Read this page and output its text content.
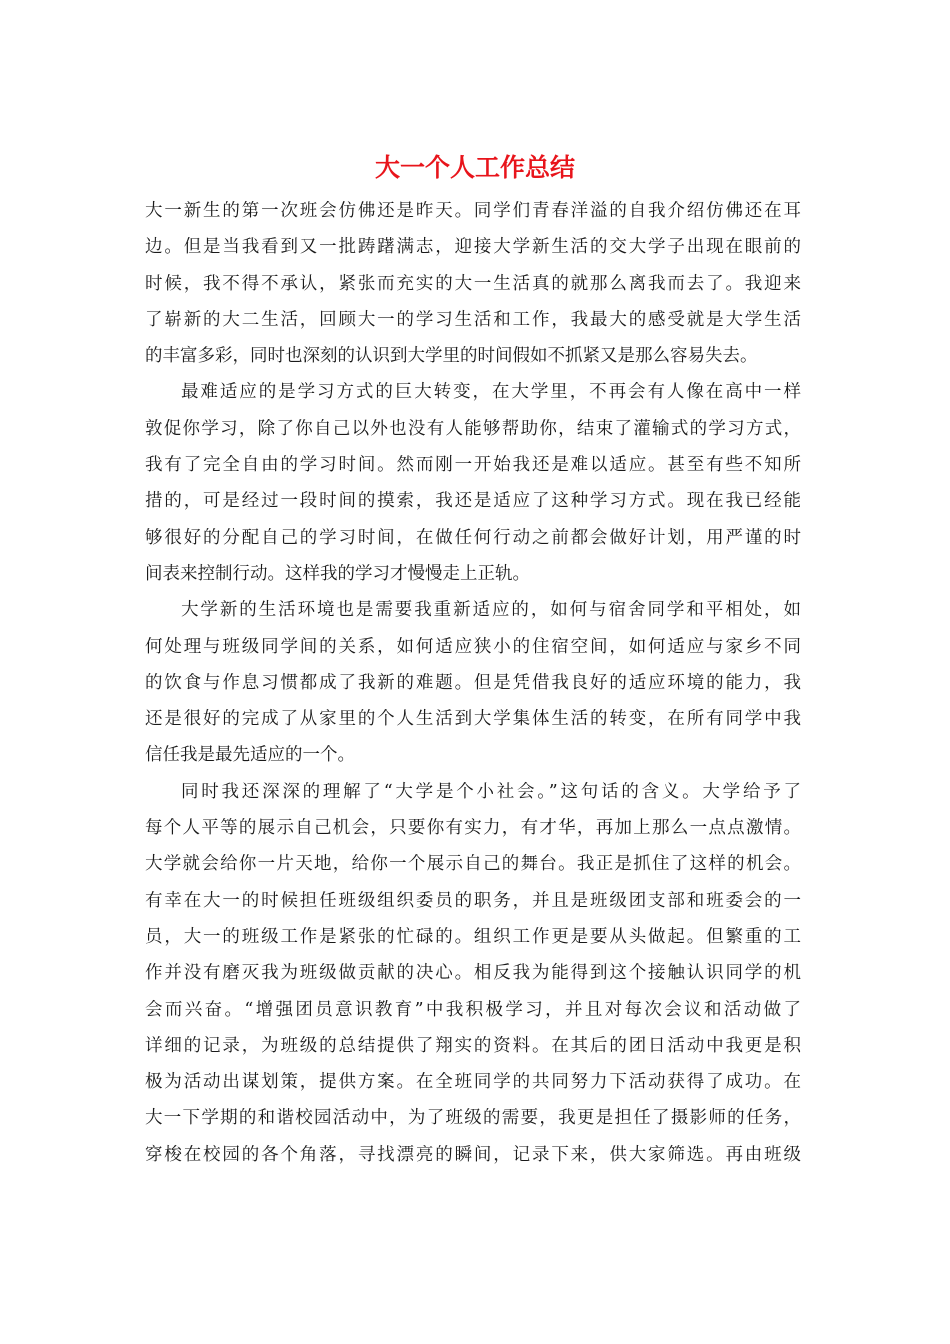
大一个人工作总结
大一新生的第一次班会仿佛还是昨天。同学们青春洋溢的自我介绍仿佛还在耳
边。但是当我看到又一批踌躇满志，迎接大学新生活的交大学子出现在眼前的
时候，我不得不承认，紧张而充实的大一生活真的就那么离我而去了。我迎来
了崭新的大二生活，回顾大一的学习生活和工作，我最大的感受就是大学生活
的丰富多彩，同时也深刻的认识到大学里的时间假如不抓紧又是那么容易失去。
最难适应的是学习方式的巨大转变，在大学里，不再会有人像在高中一样
敦促你学习，除了你自己以外也没有人能够帮助你，结束了灌输式的学习方式，
我有了完全自由的学习时间。然而刚一开始我还是难以适应。甚至有些不知所
措的，可是经过一段时间的摸索，我还是适应了这种学习方式。现在我已经能
够很好的分配自己的学习时间，在做任何行动之前都会做好计划，用严谨的时
间表来控制行动。这样我的学习才慢慢走上正轨。
大学新的生活环境也是需要我重新适应的，如何与宿舍同学和平相处，如
何处理与班级同学间的关系，如何适应狭小的住宿空间，如何适应与家乡不同
的饮食与作息习惯都成了我新的难题。但是凭借我良好的适应环境的能力，我
还是很好的完成了从家里的个人生活到大学集体生活的转变，在所有同学中我
信任我是最先适应的一个。
同时我还深深的理解了“大学是个小社会。”这句话的含义。大学给予了
每个人平等的展示自己机会，只要你有实力，有才华，再加上那么一点点激情。
大学就会给你一片天地，给你一个展示自己的舞台。我正是抓住了这样的机会。
有幸在大一的时候担任班级组织委员的职务，并且是班级团支部和班委会的一
员，大一的班级工作是紧张的忙碌的。组织工作更是要从头做起。但繁重的工
作并没有磨灭我为班级做贡献的决心。相反我为能得到这个接触认识同学的机
会而兴奋。“增强团员意识教育”中我积极学习，并且对每次会议和活动做了
详细的记录，为班级的总结提供了翔实的资料。在其后的团日活动中我更是积
极为活动出谋划策，提供方案。在全班同学的共同努力下活动获得了成功。在
大一下学期的和谐校园活动中，为了班级的需要，我更是担任了摄影师的任务，
穿梭在校园的各个角落，寻找漂亮的瞬间，记录下来，供大家筛选。再由班级
